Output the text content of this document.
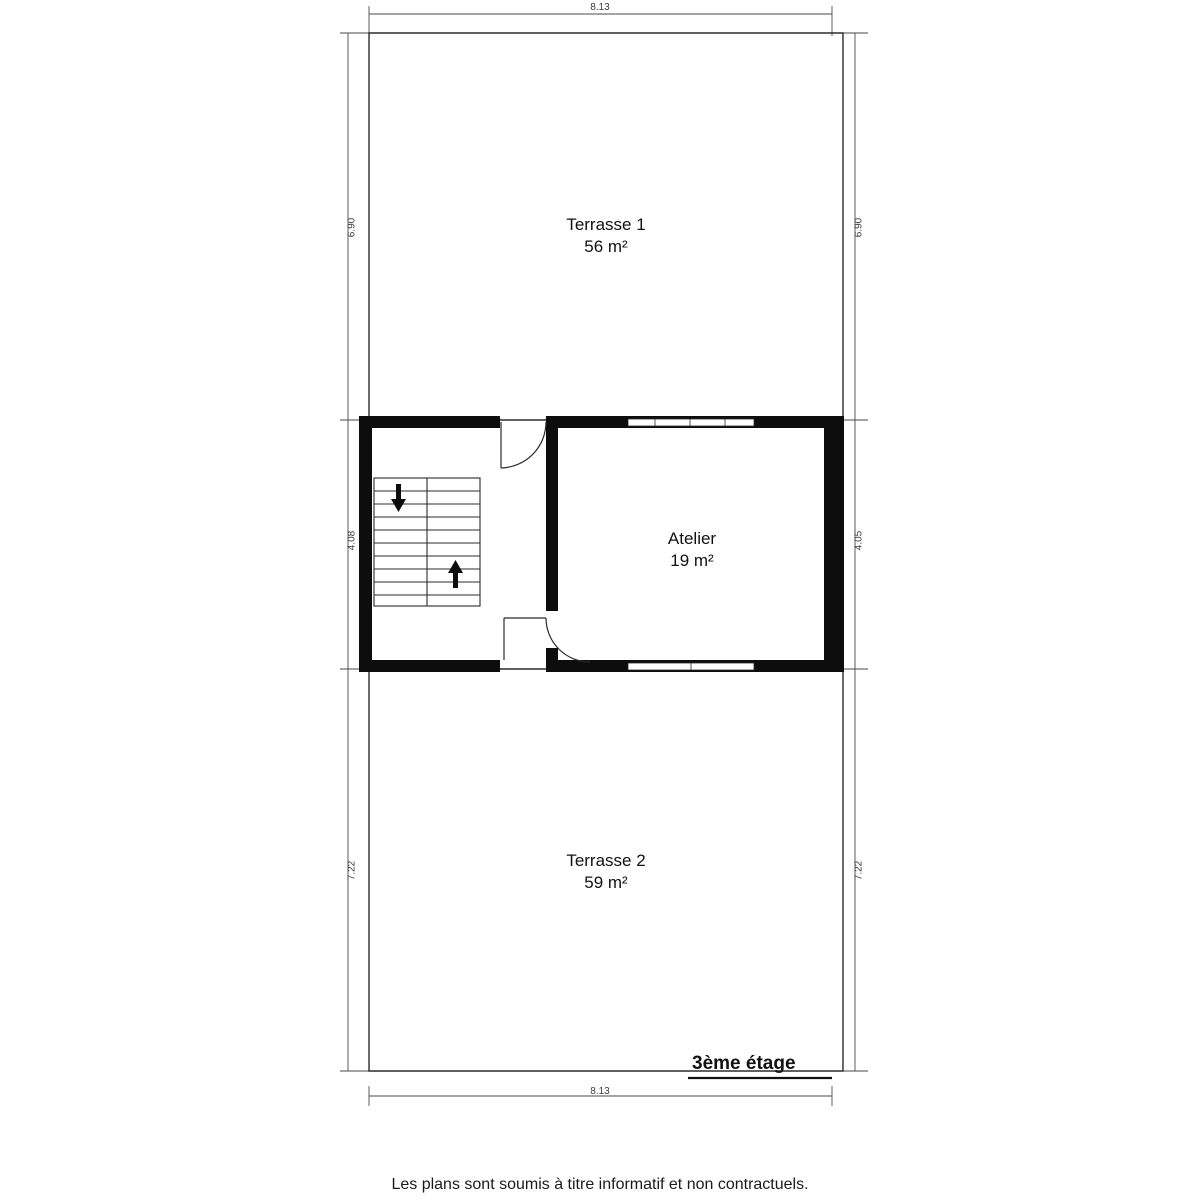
Terrasse 1
56 m²
Atelier
19 m²
Terrasse 2
59 m²
8.13
8.13
6.90
4.08
7.22
6.90
4.05
7.22
3ème étage
Les plans sont soumis à titre informatif et non contractuels.
